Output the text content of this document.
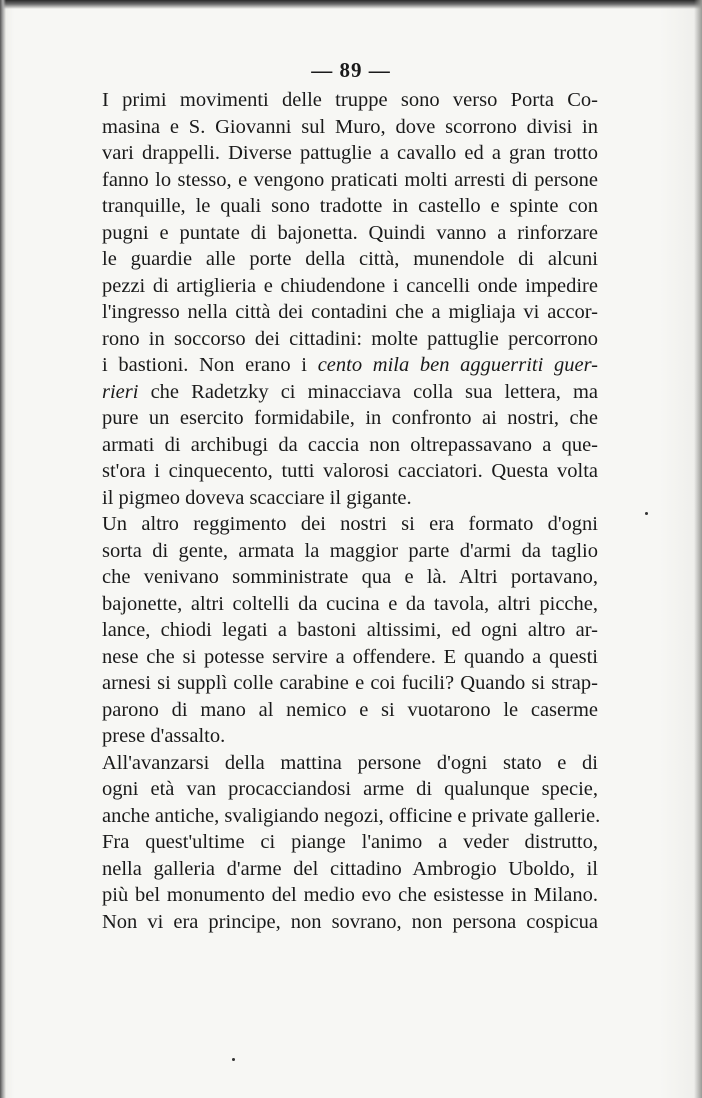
— 89 —
I primi movimenti delle truppe sono verso Porta Co-
masina e S. Giovanni sul Muro, dove scorrono divisi in
vari drappelli. Diverse pattuglie a cavallo ed a gran trotto
fanno lo stesso, e vengono praticati molti arresti di persone
tranquille, le quali sono tradotte in castello e spinte con
pugni e puntate di bajonetta. Quindi vanno a rinforzare
le guardie alle porte della città, munendole di alcuni
pezzi di artiglieria e chiudendone i cancelli onde impedire
l'ingresso nella città dei contadini che a migliaja vi accor-
rono in soccorso dei cittadini: molte pattuglie percorrono
i bastioni. Non erano i cento mila ben agguerriti guer-
rieri che Radetzky ci minacciava colla sua lettera, ma
pure un esercito formidabile, in confronto ai nostri, che
armati di archibugi da caccia non oltrepassavano a que-
st'ora i cinquecento, tutti valorosi cacciatori. Questa volta
il pigmeo doveva scacciare il gigante.
Un altro reggimento dei nostri si era formato d'ogni
sorta di gente, armata la maggior parte d'armi da taglio
che venivano somministrate qua e là. Altri portavano,
bajonette, altri coltelli da cucina e da tavola, altri picche,
lance, chiodi legati a bastoni altissimi, ed ogni altro ar-
nese che si potesse servire a offendere. E quando a questi
arnesi si supplì colle carabine e coi fucili? Quando si strap-
parono di mano al nemico e si vuotarono le caserme
prese d'assalto.
All'avanzarsi della mattina persone d'ogni stato e di
ogni età van procacciandosi arme di qualunque specie,
anche antiche, svaligiando negozi, officine e private gallerie.
Fra quest'ultime ci piange l'animo a veder distrutto,
nella galleria d'arme del cittadino Ambrogio Uboldo, il
più bel monumento del medio evo che esistesse in Milano.
Non vi era principe, non sovrano, non persona cospicua
